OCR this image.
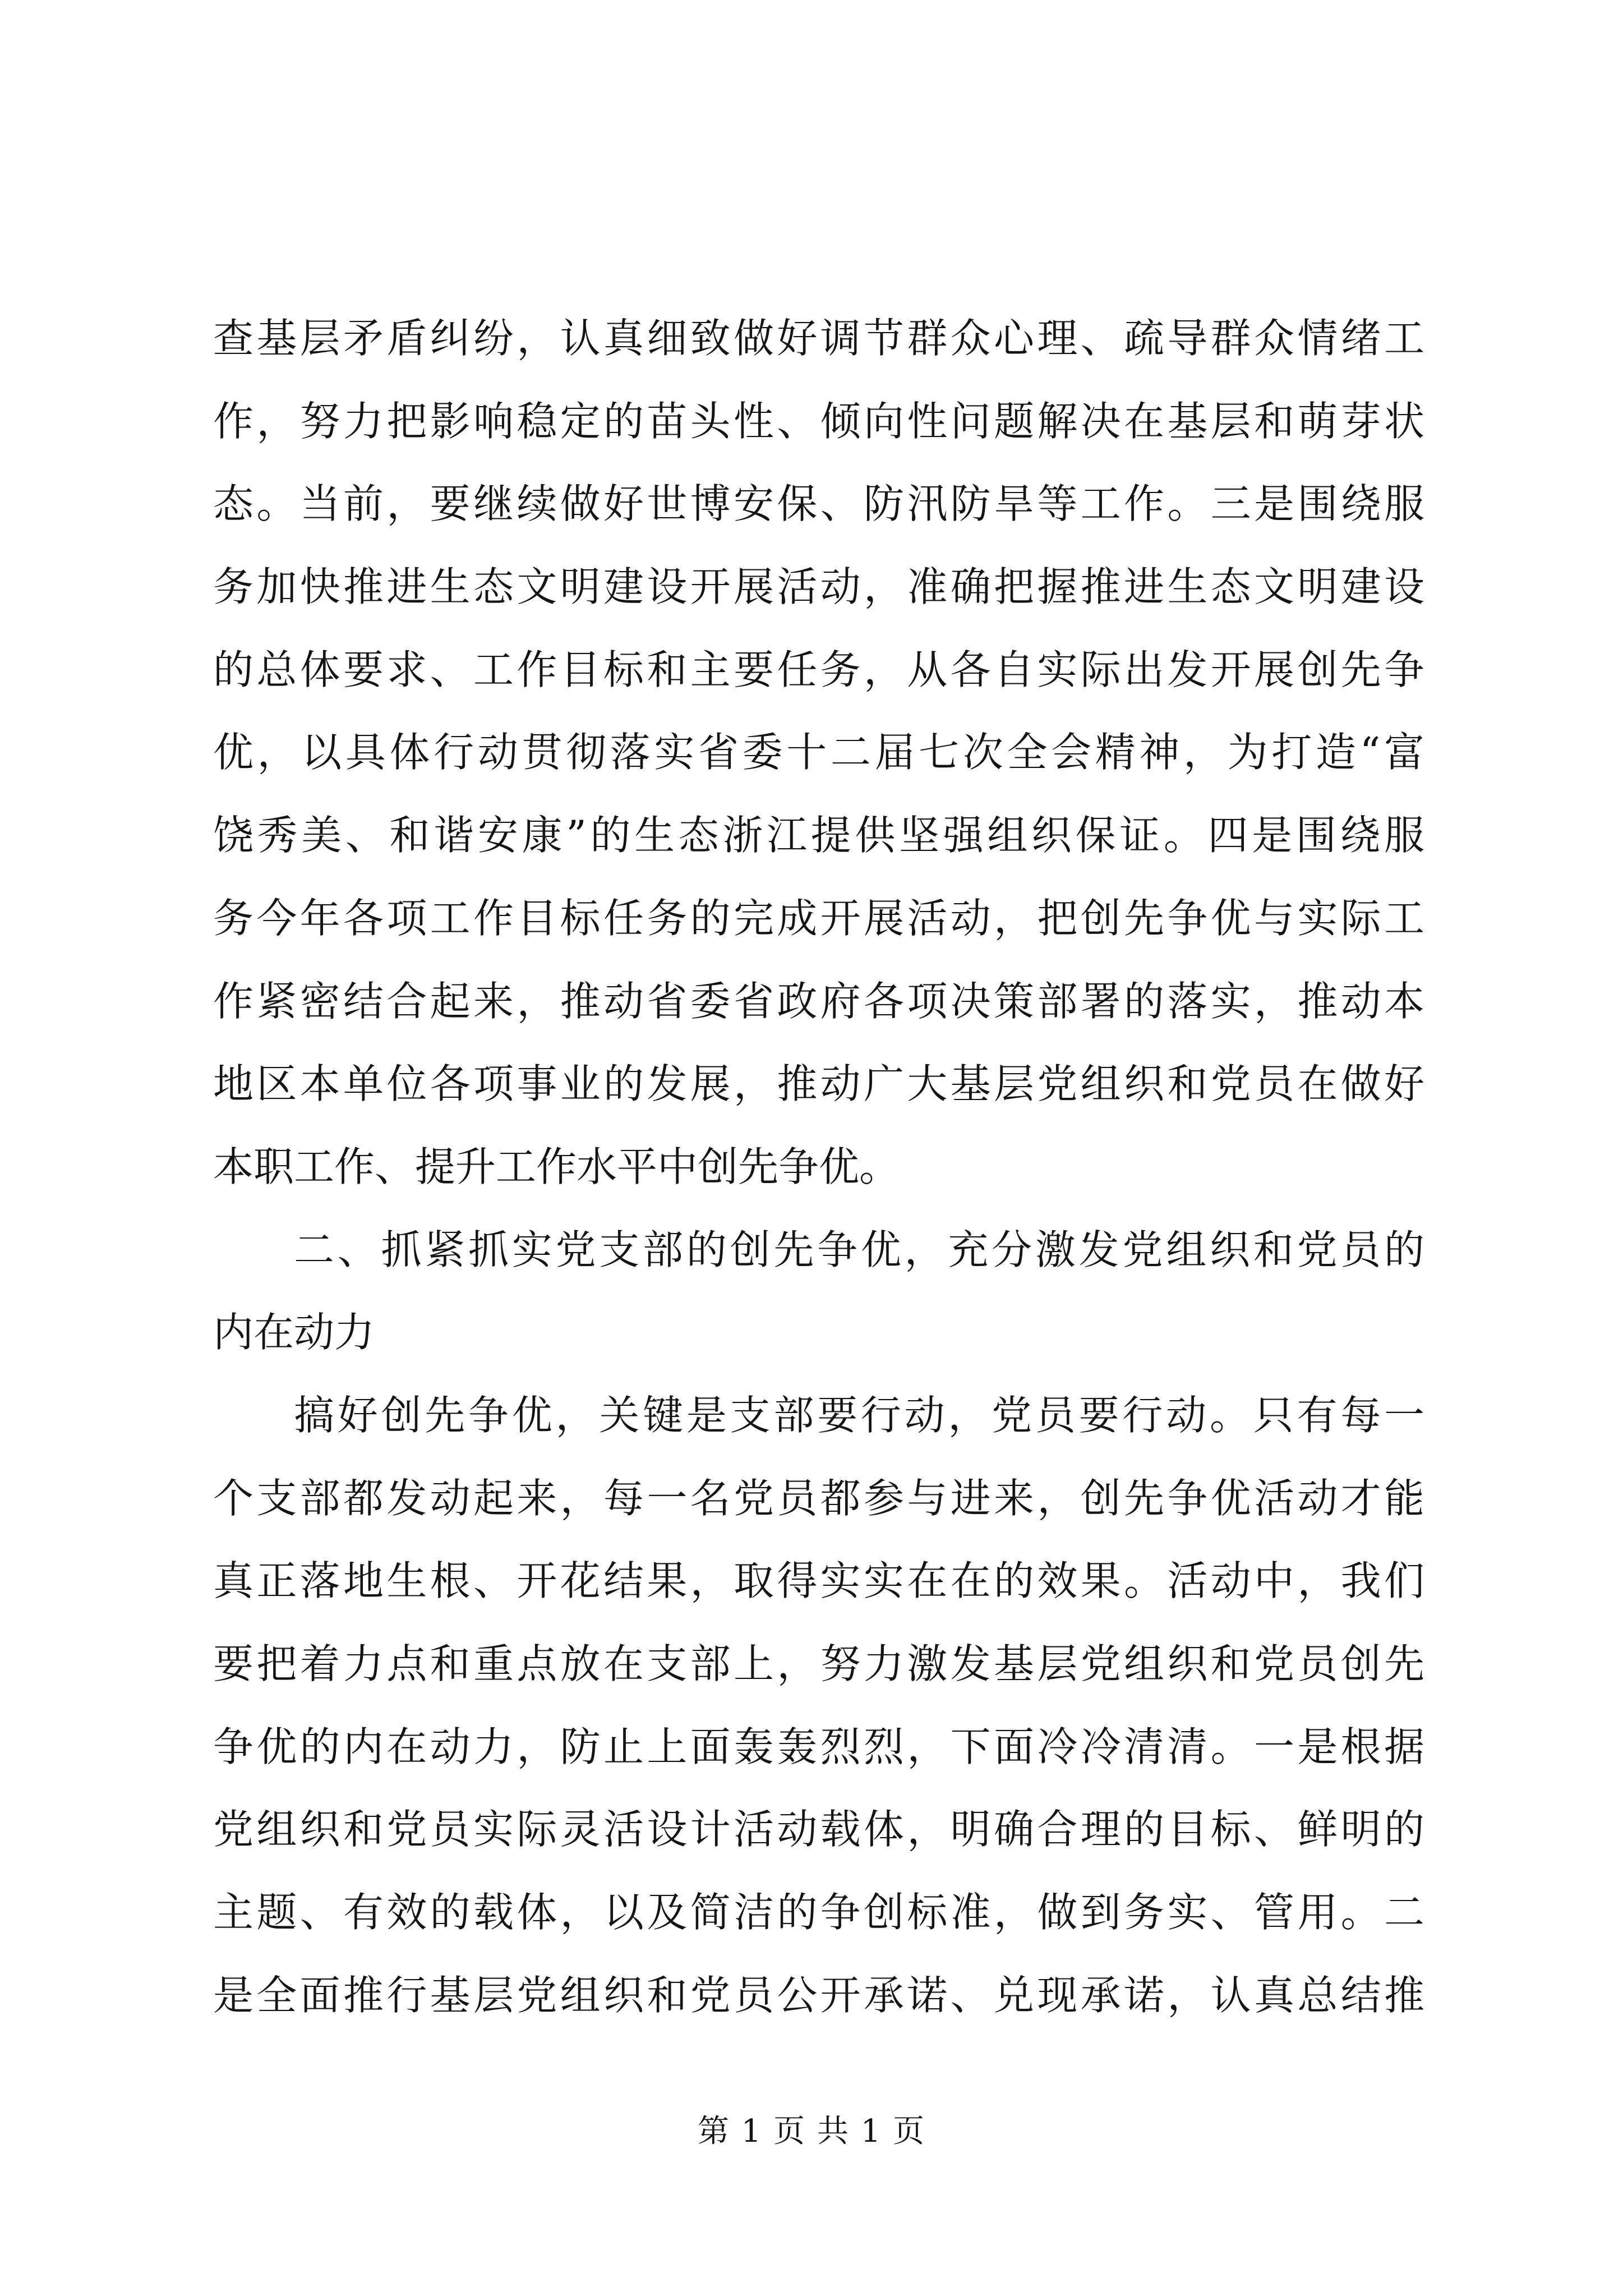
查基层矛盾纠纷，认真细致做好调节群众心理、疏导群众情绪工
作，努力把影响稳定的苗头性、倾向性问题解决在基层和萌芽状
态。当前，要继续做好世博安保、防汛防旱等工作。三是围绕服
务加快推进生态文明建设开展活动，准确把握推进生态文明建设
的总体要求、工作目标和主要任务，从各自实际出发开展创先争
优，以具体行动贯彻落实省委十二届七次全会精神，为打造“富
饶秀美、和谐安康”的生态浙江提供坚强组织保证。四是围绕服
务今年各项工作目标任务的完成开展活动，把创先争优与实际工
作紧密结合起来，推动省委省政府各项决策部署的落实，推动本
地区本单位各项事业的发展，推动广大基层党组织和党员在做好
本职工作、提升工作水平中创先争优。
二、抓紧抓实党支部的创先争优，充分激发党组织和党员的
内在动力
搞好创先争优，关键是支部要行动，党员要行动。只有每一
个支部都发动起来，每一名党员都参与进来，创先争优活动才能
真正落地生根、开花结果，取得实实在在的效果。活动中，我们
要把着力点和重点放在支部上，努力激发基层党组织和党员创先
争优的内在动力，防止上面轰轰烈烈，下面冷冷清清。一是根据
党组织和党员实际灵活设计活动载体，明确合理的目标、鲜明的
主题、有效的载体，以及简洁的争创标准，做到务实、管用。二
是全面推行基层党组织和党员公开承诺、兑现承诺，认真总结推
第 1 页 共 1 页
